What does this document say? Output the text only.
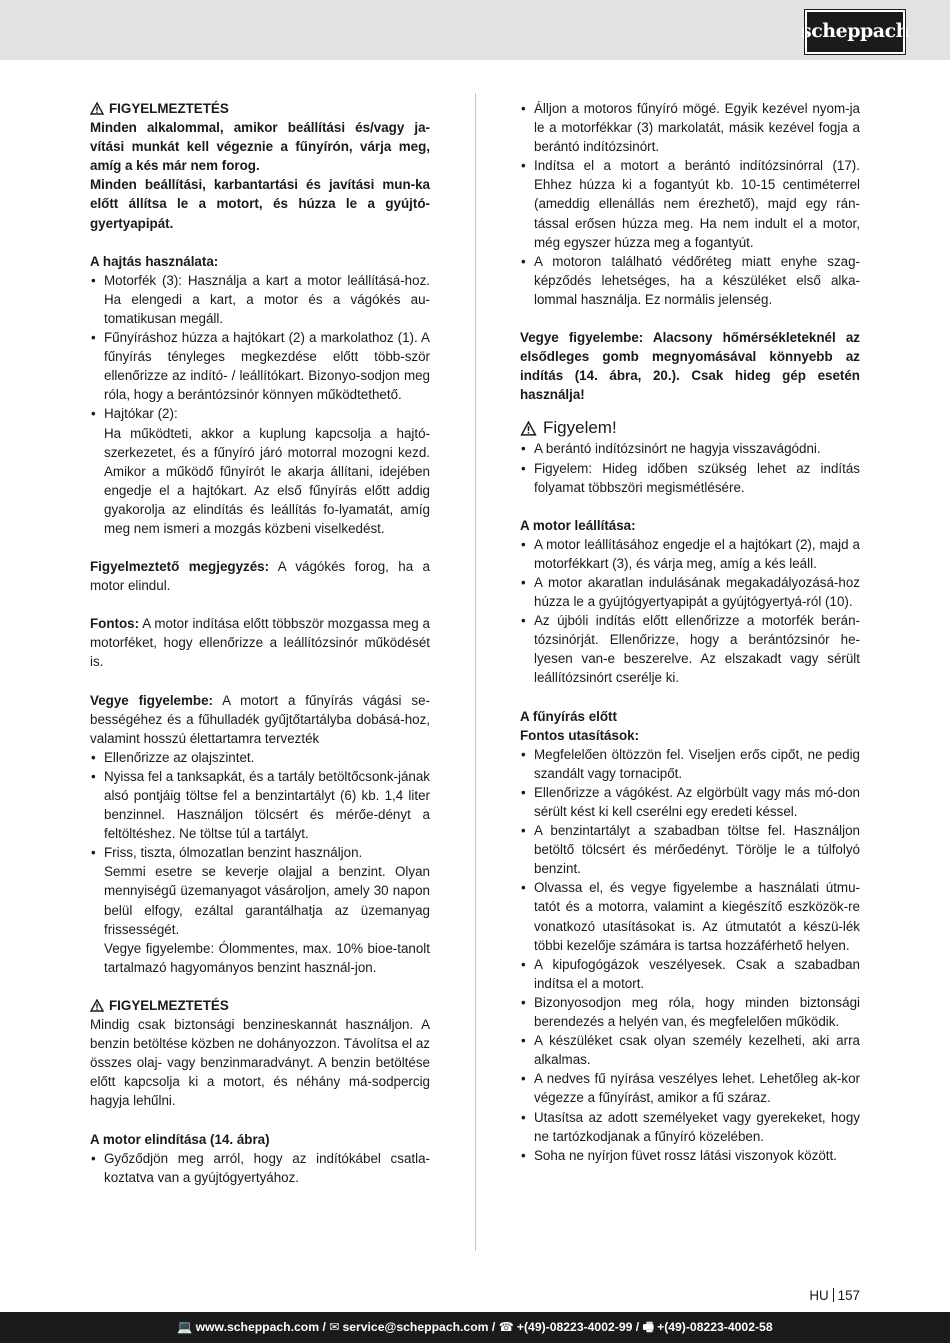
scheppach
FIGYELMEZTETÉS

Minden alkalommal, amikor beállítási és/vagy ja-vítási munkát kell végeznie a fűnyírón, várja meg, amíg a kés már nem forog.

Minden beállítási, karbantartási és javítási mun-ka előtt állítsa le a motort, és húzza le a gyújtó-gyertyapipát.

A hajtás használata:

• Motorfék (3): Használja a kart a motor leállításá-hoz. Ha elengedi a kart, a motor és a vágókés au-tomatikusan megáll.
• Fűnyíráshoz húzza a hajtókart (2) a markolathoz (1). A fűnyírás tényleges megkezdése előtt több-ször ellenőrizze az indító- / leállítókart. Bizonyo-sodjon meg róla, hogy a berántózsinór könnyen működtethető.
• Hajtókar (2):
Ha működteti, akkor a kuplung kapcsolja a hajtó-szerkezetet, és a fűnyíró járó motorral mozogni kezd. Amikor a működő fűnyírót le akarja állítani, idejében engedje el a hajtókart. Az első fűnyírás előtt addig gyakorolja az elindítás és leállítás fo-lyamatát, amíg meg nem ismeri a mozgás közbeni viselkedést.

Figyelmeztető megjegyzés: A vágókés forog, ha a motor elindul.

Fontos: A motor indítása előtt többször mozgassa meg a motorféket, hogy ellenőrizze a leállítózsinór működését is.

Vegye figyelembe: A motort a fűnyírás vágási se-bességéhez és a fűhulladék gyűjtőtartályba dobásá-hoz, valamint hosszú élettartamra tervezték

• Ellenőrizze az olajszintet.
• Nyissa fel a tanksapkát, és a tartály betöltőcsonk-jának alsó pontjáig töltse fel a benzintartályt (6) kb. 1,4 liter benzinnel. Használjon tölcsért és mérőe-dényt a feltöltéshez. Ne töltse túl a tartályt.
• Friss, tiszta, ólmozatlan benzint használjon.
Semmi esetre se keverje olajjal a benzint. Olyan mennyiségű üzemanyagot vásároljon, amely 30 napon belül elfogy, ezáltal garantálhatja az üzemanyag frissességét.
Vegye figyelembe: Ólommentes, max. 10% bioe-tanolt tartalmazó hagyományos benzint használ-jon.
FIGYELMEZTETÉS

Mindig csak biztonsági benzineskannát használjon. A benzin betöltése közben ne dohányozzon. Távolítsa el az összes olaj- vagy benzinmaradványt. A benzin betöltése előtt kapcsolja ki a motort, és néhány má-sodpercig hagyja lehűlni.

A motor elindítása (14. ábra)

• Győződjön meg arról, hogy az indítókábel csatla-koztatva van a gyújtógyertyához.
• Álljon a motoros fűnyíró mögé. Egyik kezével nyom-ja le a motorfékkar (3) markolatát, másik kezével fogja a berántó indítózsinórt.
• Indítsa el a motort a berántó indítózsinórral (17). Ehhez húzza ki a fogantyút kb. 10-15 centiméterrel (ameddig ellenállás nem érezhető), majd egy rán-tással erősen húzza meg. Ha nem indult el a motor, még egyszer húzza meg a fogantyút.
• A motoron található védőréteg miatt enyhe szag-képződés lehetséges, ha a készüléket első alka-lommal használja. Ez normális jelenség.

Vegye figyelembe: Alacsony hőmérsékleteknél az elsődleges gomb megnyomásával könnyebb az indítás (14. ábra, 20.). Csak hideg gép esetén használja!

Figyelem!
• A berántó indítózsinórt ne hagyja visszavágódni.
• Figyelem: Hideg időben szükség lehet az indítás folyamat többszöri megismétlésére.

A motor leállítása:

• A motor leállításához engedje el a hajtókart (2), majd a motorfékkart (3), és várja meg, amíg a kés leáll.
• A motor akaratlan indulásának megakadályozásá-hoz húzza le a gyújtógyertyapipát a gyújtógyertyá-ról (10).
• Az újbóli indítás előtt ellenőrizze a motorfék berán-tózsinórját. Ellenőrizze, hogy a berántózsinór he-lyesen van-e beszerelve. Az elszakadt vagy sérült leállítózsinórt cserélje ki.

A fűnyírás előtt

Fontos utasítások:

• Megfelelően öltözzön fel. Viseljen erős cipőt, ne pedig szandált vagy tornacipőt.
• Ellenőrizze a vágókést. Az elgörbült vagy más mó-don sérült kést ki kell cserélni egy eredeti késsel.
• A benzintartályt a szabadban töltse fel. Használjon betöltő tölcsért és mérőedényt. Törölje le a túlfolyó benzint.
• Olvassa el, és vegye figyelembe a használati útmu-tatót és a motorra, valamint a kiegészítő eszközök-re vonatkozó utasításokat is. Az útmutatót a készü-lék többi kezelője számára is tartsa hozzáférhető helyen.
• A kipufogógázok veszélyesek. Csak a szabadban indítsa el a motort.
• Bizonyosodjon meg róla, hogy minden biztonsági berendezés a helyén van, és megfelelően működik.
• A készüléket csak olyan személy kezelheti, aki arra alkalmas.
• A nedves fű nyírása veszélyes lehet. Lehetőleg ak-kor végezze a fűnyírást, amikor a fű száraz.
• Utasítsa az adott személyeket vagy gyerekeket, hogy ne tartózkodjanak a fűnyíró közelében.
• Soha ne nyírjon füvet rossz látási viszonyok között.
HU 157
💻 www.scheppach.com / ✉ service@scheppach.com / ☎ +(49)-08223-4002-99 / 🖷 +(49)-08223-4002-58
